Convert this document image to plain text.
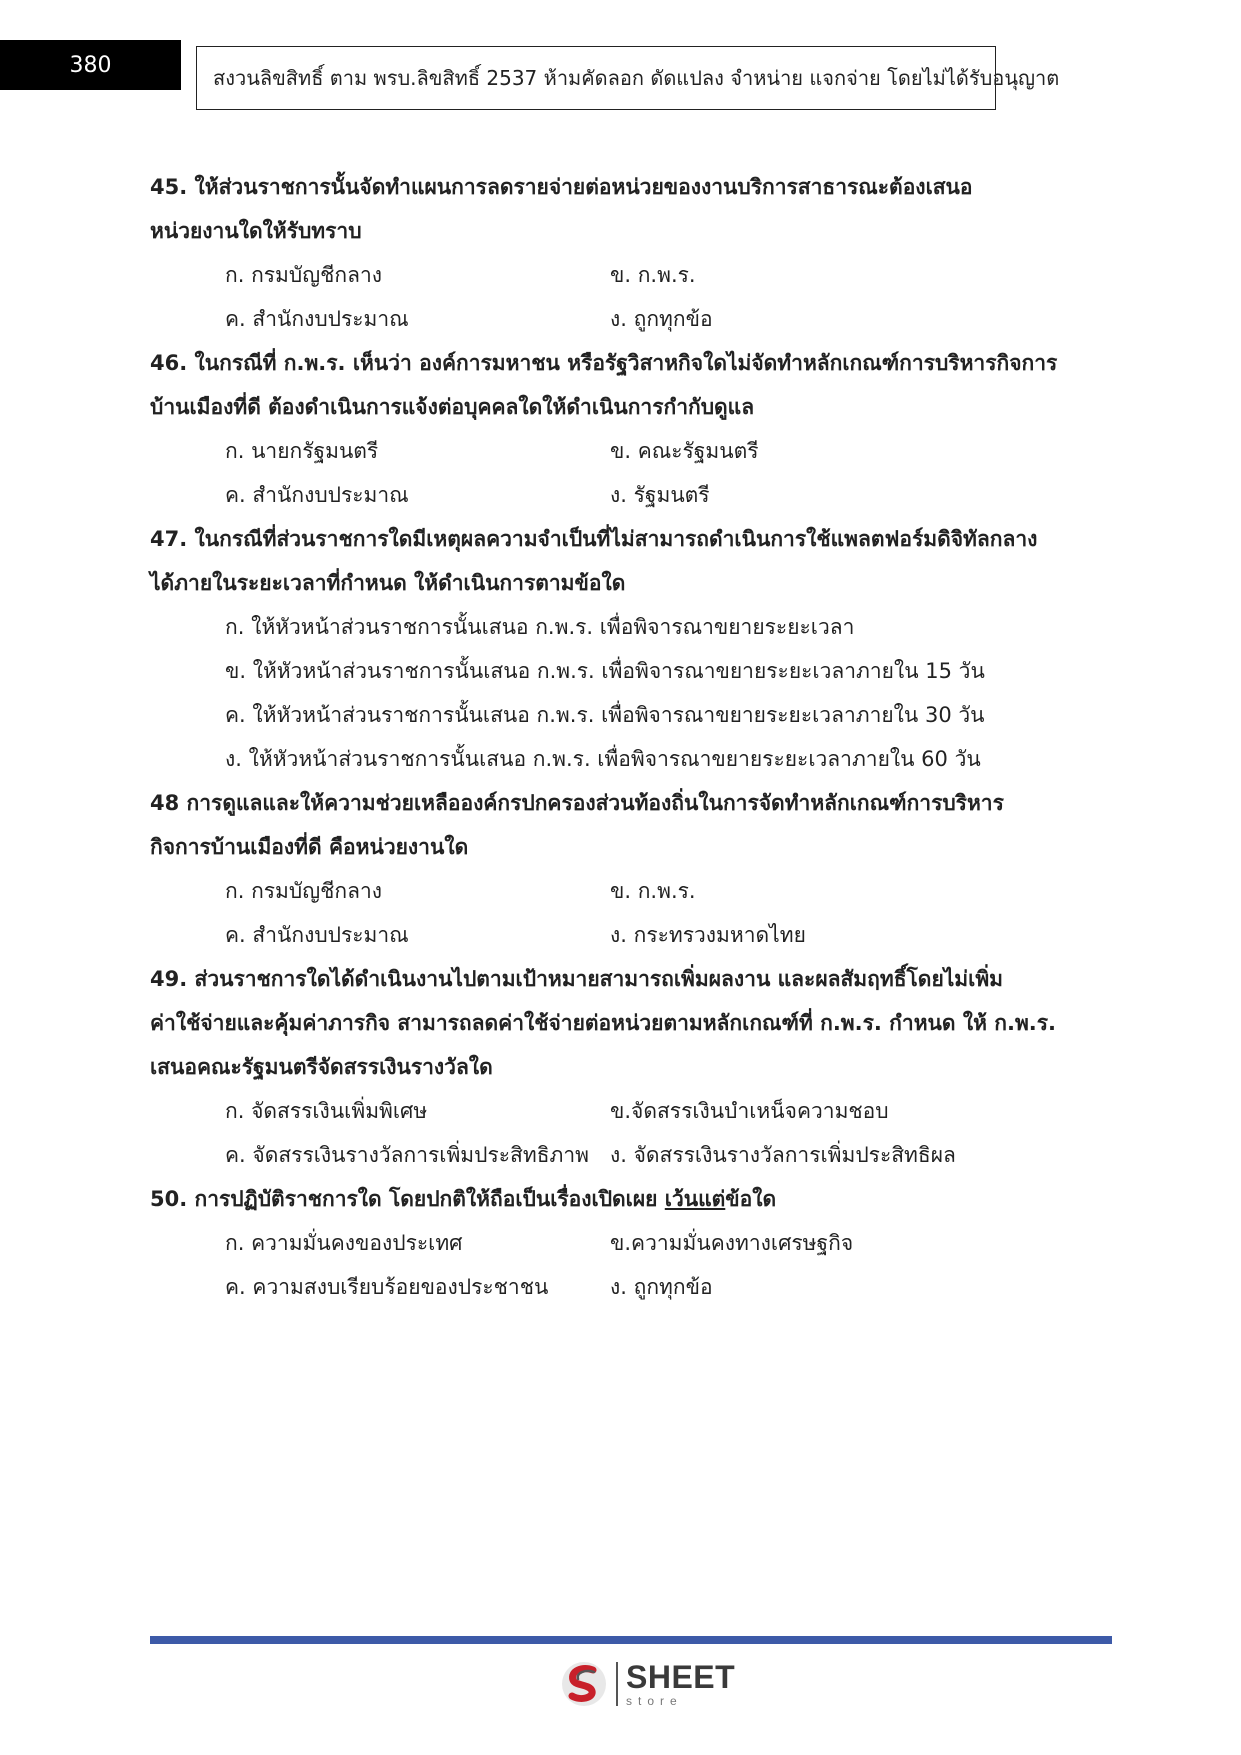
380
สงวนลิขสิทธิ์ ตาม พรบ.ลิขสิทธิ์ 2537 ห้ามคัดลอก ดัดแปลง จำหน่าย แจกจ่าย โดยไม่ได้รับอนุญาต
45. ให้ส่วนราชการนั้นจัดทำแผนการลดรายจ่ายต่อหน่วยของงานบริการสาธารณะต้องเสนอ
หน่วยงานใดให้รับทราบ
ก. กรมบัญชีกลาง	ข. ก.พ.ร.
ค. สำนักงบประมาณ	ง. ถูกทุกข้อ
46. ในกรณีที่ ก.พ.ร. เห็นว่า องค์การมหาชน หรือรัฐวิสาหกิจใดไม่จัดทำหลักเกณฑ์การบริหารกิจการ
บ้านเมืองที่ดี ต้องดำเนินการแจ้งต่อบุคคลใดให้ดำเนินการกำกับดูแล
ก. นายกรัฐมนตรี	ข. คณะรัฐมนตรี
ค. สำนักงบประมาณ	ง. รัฐมนตรี
47. ในกรณีที่ส่วนราชการใดมีเหตุผลความจำเป็นที่ไม่สามารถดำเนินการใช้แพลตฟอร์มดิจิทัลกลาง
ได้ภายในระยะเวลาที่กำหนด ให้ดำเนินการตามข้อใด
ก. ให้หัวหน้าส่วนราชการนั้นเสนอ ก.พ.ร. เพื่อพิจารณาขยายระยะเวลา
ข. ให้หัวหน้าส่วนราชการนั้นเสนอ ก.พ.ร. เพื่อพิจารณาขยายระยะเวลาภายใน 15 วัน
ค. ให้หัวหน้าส่วนราชการนั้นเสนอ ก.พ.ร. เพื่อพิจารณาขยายระยะเวลาภายใน 30 วัน
ง. ให้หัวหน้าส่วนราชการนั้นเสนอ ก.พ.ร. เพื่อพิจารณาขยายระยะเวลาภายใน 60 วัน
48 การดูแลและให้ความช่วยเหลือองค์กรปกครองส่วนท้องถิ่นในการจัดทำหลักเกณฑ์การบริหาร
กิจการบ้านเมืองที่ดี คือหน่วยงานใด
ก. กรมบัญชีกลาง	ข. ก.พ.ร.
ค. สำนักงบประมาณ	ง. กระทรวงมหาดไทย
49. ส่วนราชการใดได้ดำเนินงานไปตามเป้าหมายสามารถเพิ่มผลงาน และผลสัมฤทธิ์โดยไม่เพิ่ม
ค่าใช้จ่ายและคุ้มค่าภารกิจ สามารถลดค่าใช้จ่ายต่อหน่วยตามหลักเกณฑ์ที่ ก.พ.ร. กำหนด ให้ ก.พ.ร.
เสนอคณะรัฐมนตรีจัดสรรเงินรางวัลใด
ก. จัดสรรเงินเพิ่มพิเศษ	ข.จัดสรรเงินบำเหน็จความชอบ
ค. จัดสรรเงินรางวัลการเพิ่มประสิทธิภาพ	ง. จัดสรรเงินรางวัลการเพิ่มประสิทธิผล
50. การปฏิบัติราชการใด โดยปกติให้ถือเป็นเรื่องเปิดเผย เว้นแต่ข้อใด
ก. ความมั่นคงของประเทศ	ข.ความมั่นคงทางเศรษฐกิจ
ค. ความสงบเรียบร้อยของประชาชน	ง. ถูกทุกข้อ
SHEET
store
